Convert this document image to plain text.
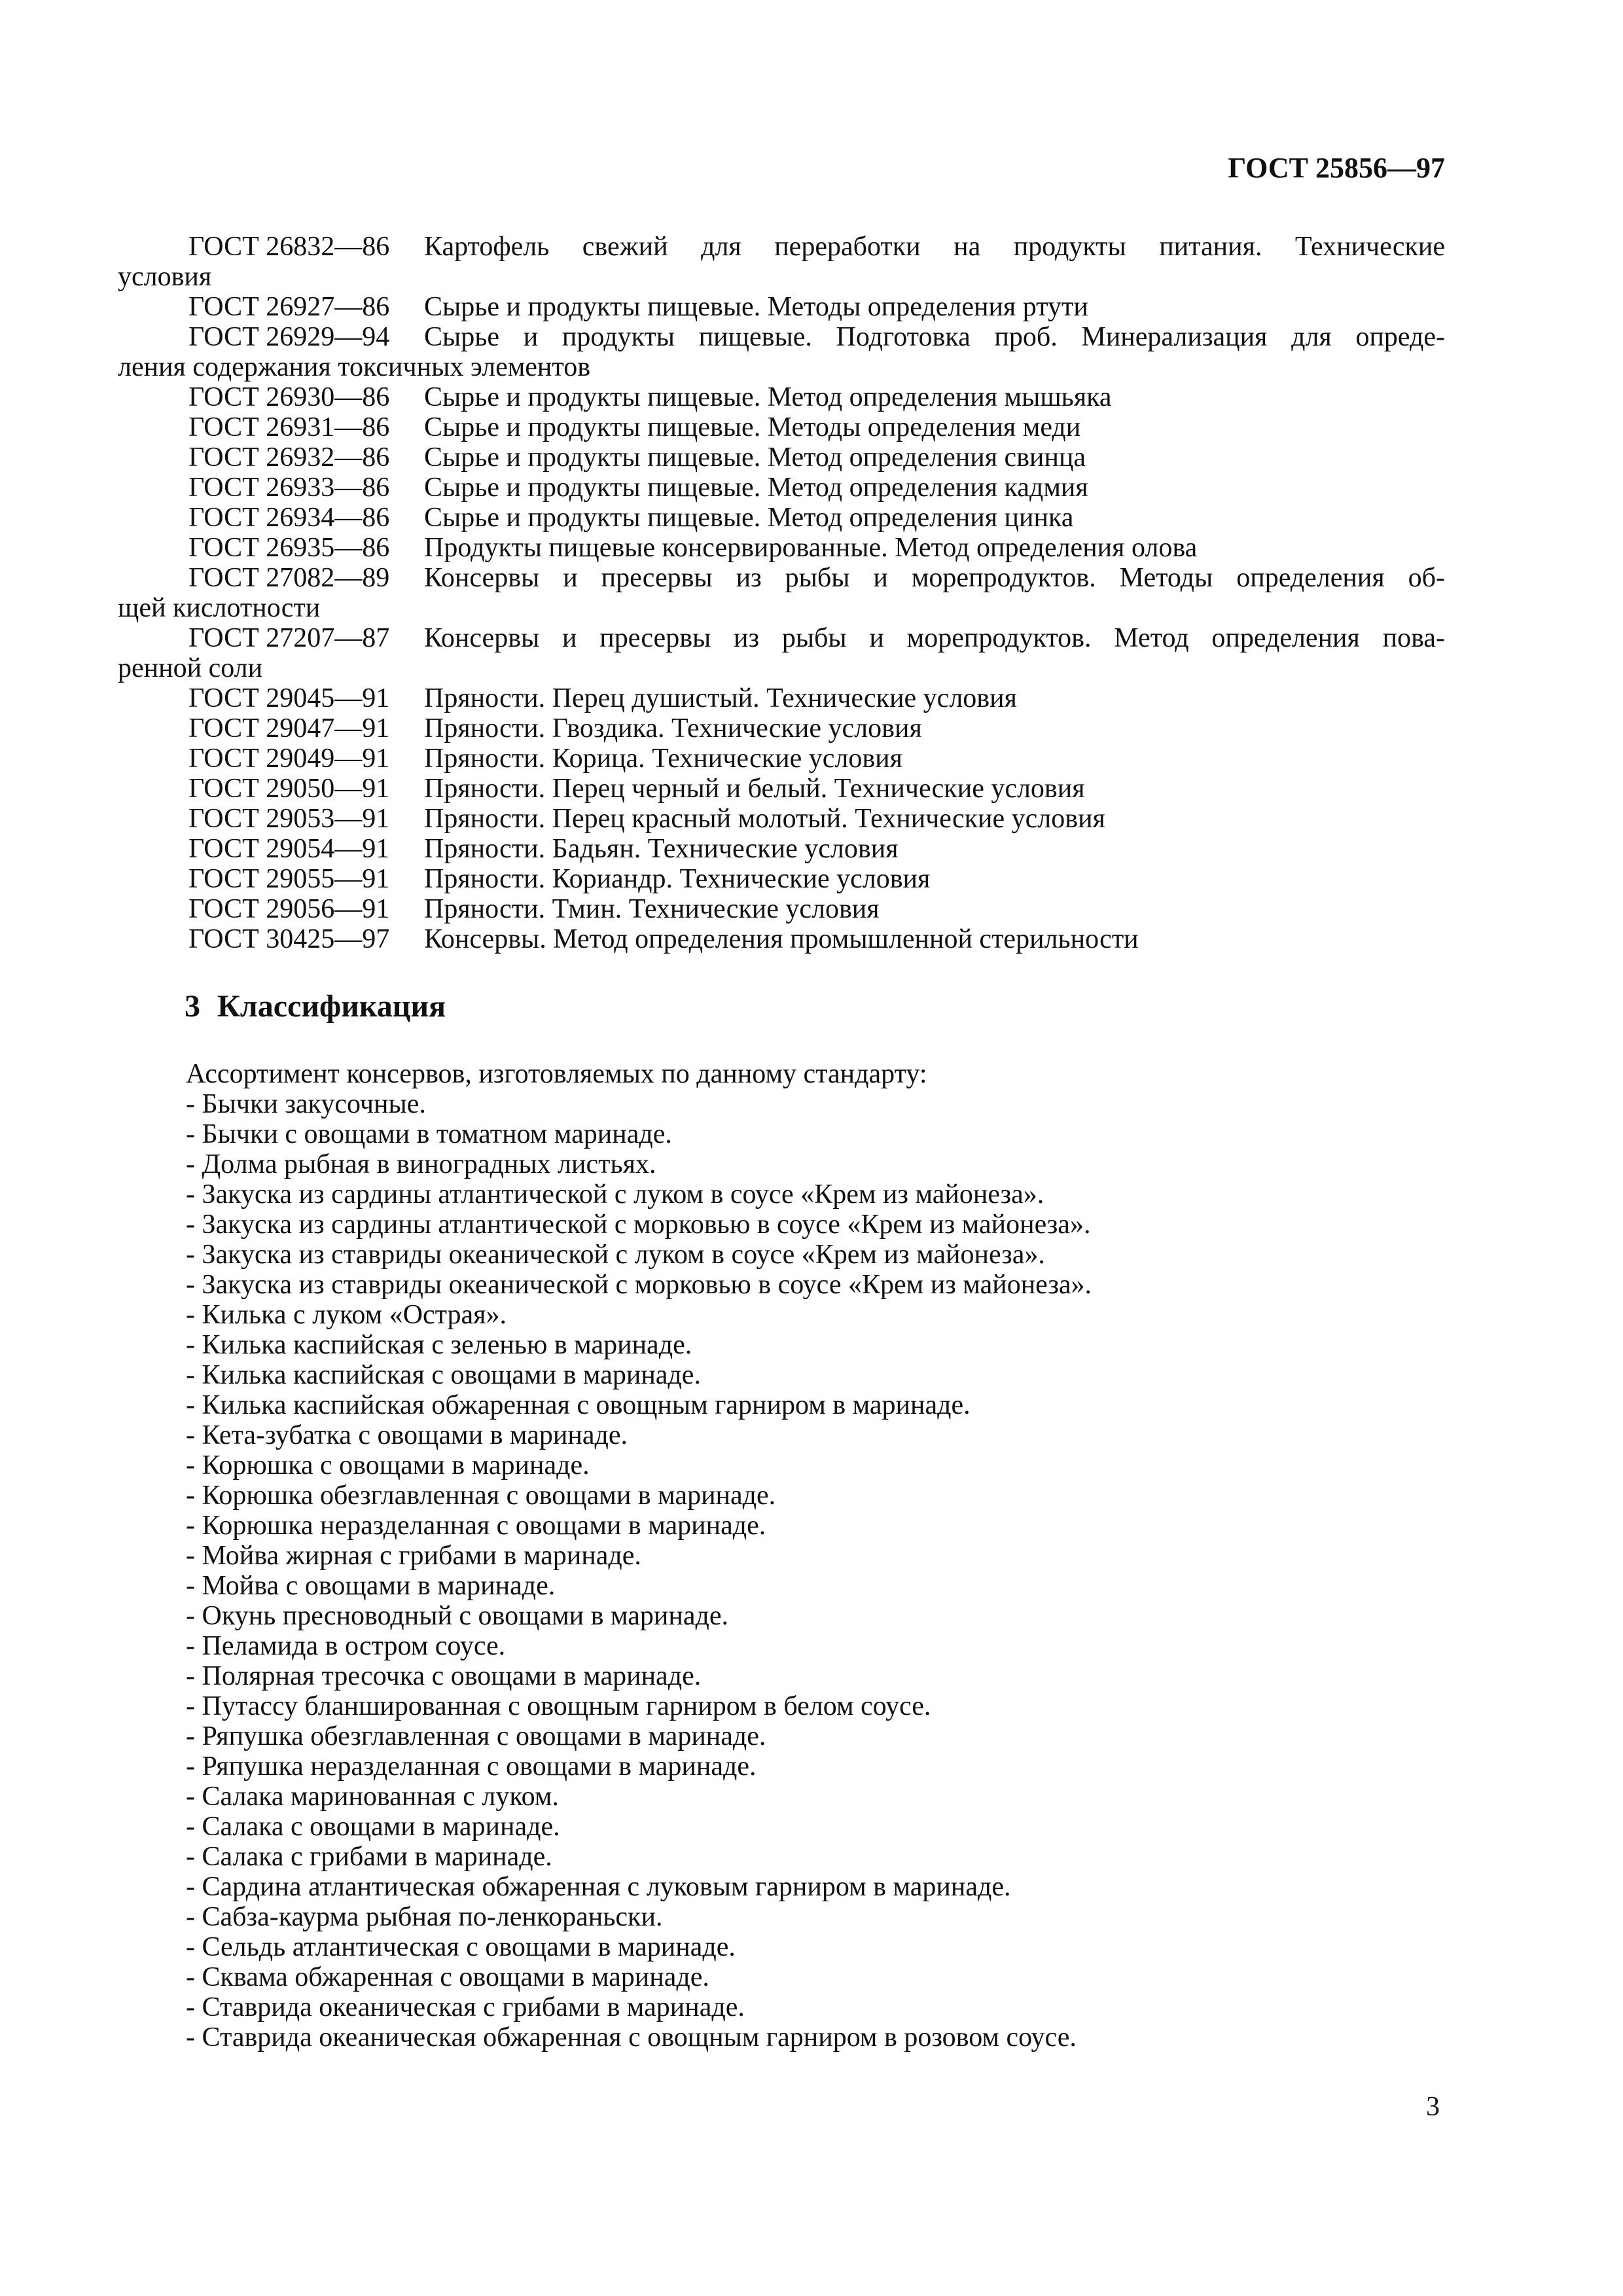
ГОСТ 25856—97
ГОСТ 26832—86	Картофель свежий для переработки на продукты питания. Технические
условия
ГОСТ 26927—86	Сырье и продукты пищевые. Методы определения ртути
ГОСТ 26929—94	Сырье и продукты пищевые. Подготовка проб. Минерализация для опреде-
ления содержания токсичных элементов
ГОСТ 26930—86	Сырье и продукты пищевые. Метод определения мышьяка
ГОСТ 26931—86	Сырье и продукты пищевые. Методы определения меди
ГОСТ 26932—86	Сырье и продукты пищевые. Метод определения свинца
ГОСТ 26933—86	Сырье и продукты пищевые. Метод определения кадмия
ГОСТ 26934—86	Сырье и продукты пищевые. Метод определения цинка
ГОСТ 26935—86	Продукты пищевые консервированные. Метод определения олова
ГОСТ 27082—89	Консервы и пресервы из рыбы и морепродуктов. Методы определения об-
щей кислотности
ГОСТ 27207—87	Консервы и пресервы из рыбы и морепродуктов. Метод определения пова-
ренной соли
ГОСТ 29045—91	Пряности. Перец душистый. Технические условия
ГОСТ 29047—91	Пряности. Гвоздика. Технические условия
ГОСТ 29049—91	Пряности. Корица. Технические условия
ГОСТ 29050—91	Пряности. Перец черный и белый. Технические условия
ГОСТ 29053—91	Пряности. Перец красный молотый. Технические условия
ГОСТ 29054—91	Пряности. Бадьян. Технические условия
ГОСТ 29055—91	Пряности. Кориандр. Технические условия
ГОСТ 29056—91	Пряности. Тмин. Технические условия
ГОСТ 30425—97	Консервы. Метод определения промышленной стерильности
3 Классификация
Ассортимент консервов, изготовляемых по данному стандарту:
- Бычки закусочные.
- Бычки с овощами в томатном маринаде.
- Долма рыбная в виноградных листьях.
- Закуска из сардины атлантической с луком в соусе «Крем из майонеза».
- Закуска из сардины атлантической с морковью в соусе «Крем из майонеза».
- Закуска из ставриды океанической с луком в соусе «Крем из майонеза».
- Закуска из ставриды океанической с морковью в соусе «Крем из майонеза».
- Килька с луком «Острая».
- Килька каспийская с зеленью в маринаде.
- Килька каспийская с овощами в маринаде.
- Килька каспийская обжаренная с овощным гарниром в маринаде.
- Кета-зубатка с овощами в маринаде.
- Корюшка с овощами в маринаде.
- Корюшка обезглавленная с овощами в маринаде.
- Корюшка неразделанная с овощами в маринаде.
- Мойва жирная с грибами в маринаде.
- Мойва с овощами в маринаде.
- Окунь пресноводный с овощами в маринаде.
- Пеламида в остром соусе.
- Полярная тресочка с овощами в маринаде.
- Путассу бланшированная с овощным гарниром в белом соусе.
- Ряпушка обезглавленная с овощами в маринаде.
- Ряпушка неразделанная с овощами в маринаде.
- Салака маринованная с луком.
- Салака с овощами в маринаде.
- Салака с грибами в маринаде.
- Сардина атлантическая обжаренная с луковым гарниром в маринаде.
- Сабза-каурма рыбная по-ленкораньски.
- Сельдь атлантическая с овощами в маринаде.
- Сквама обжаренная с овощами в маринаде.
- Ставрида океаническая с грибами в маринаде.
- Ставрида океаническая обжаренная с овощным гарниром в розовом соусе.
3
